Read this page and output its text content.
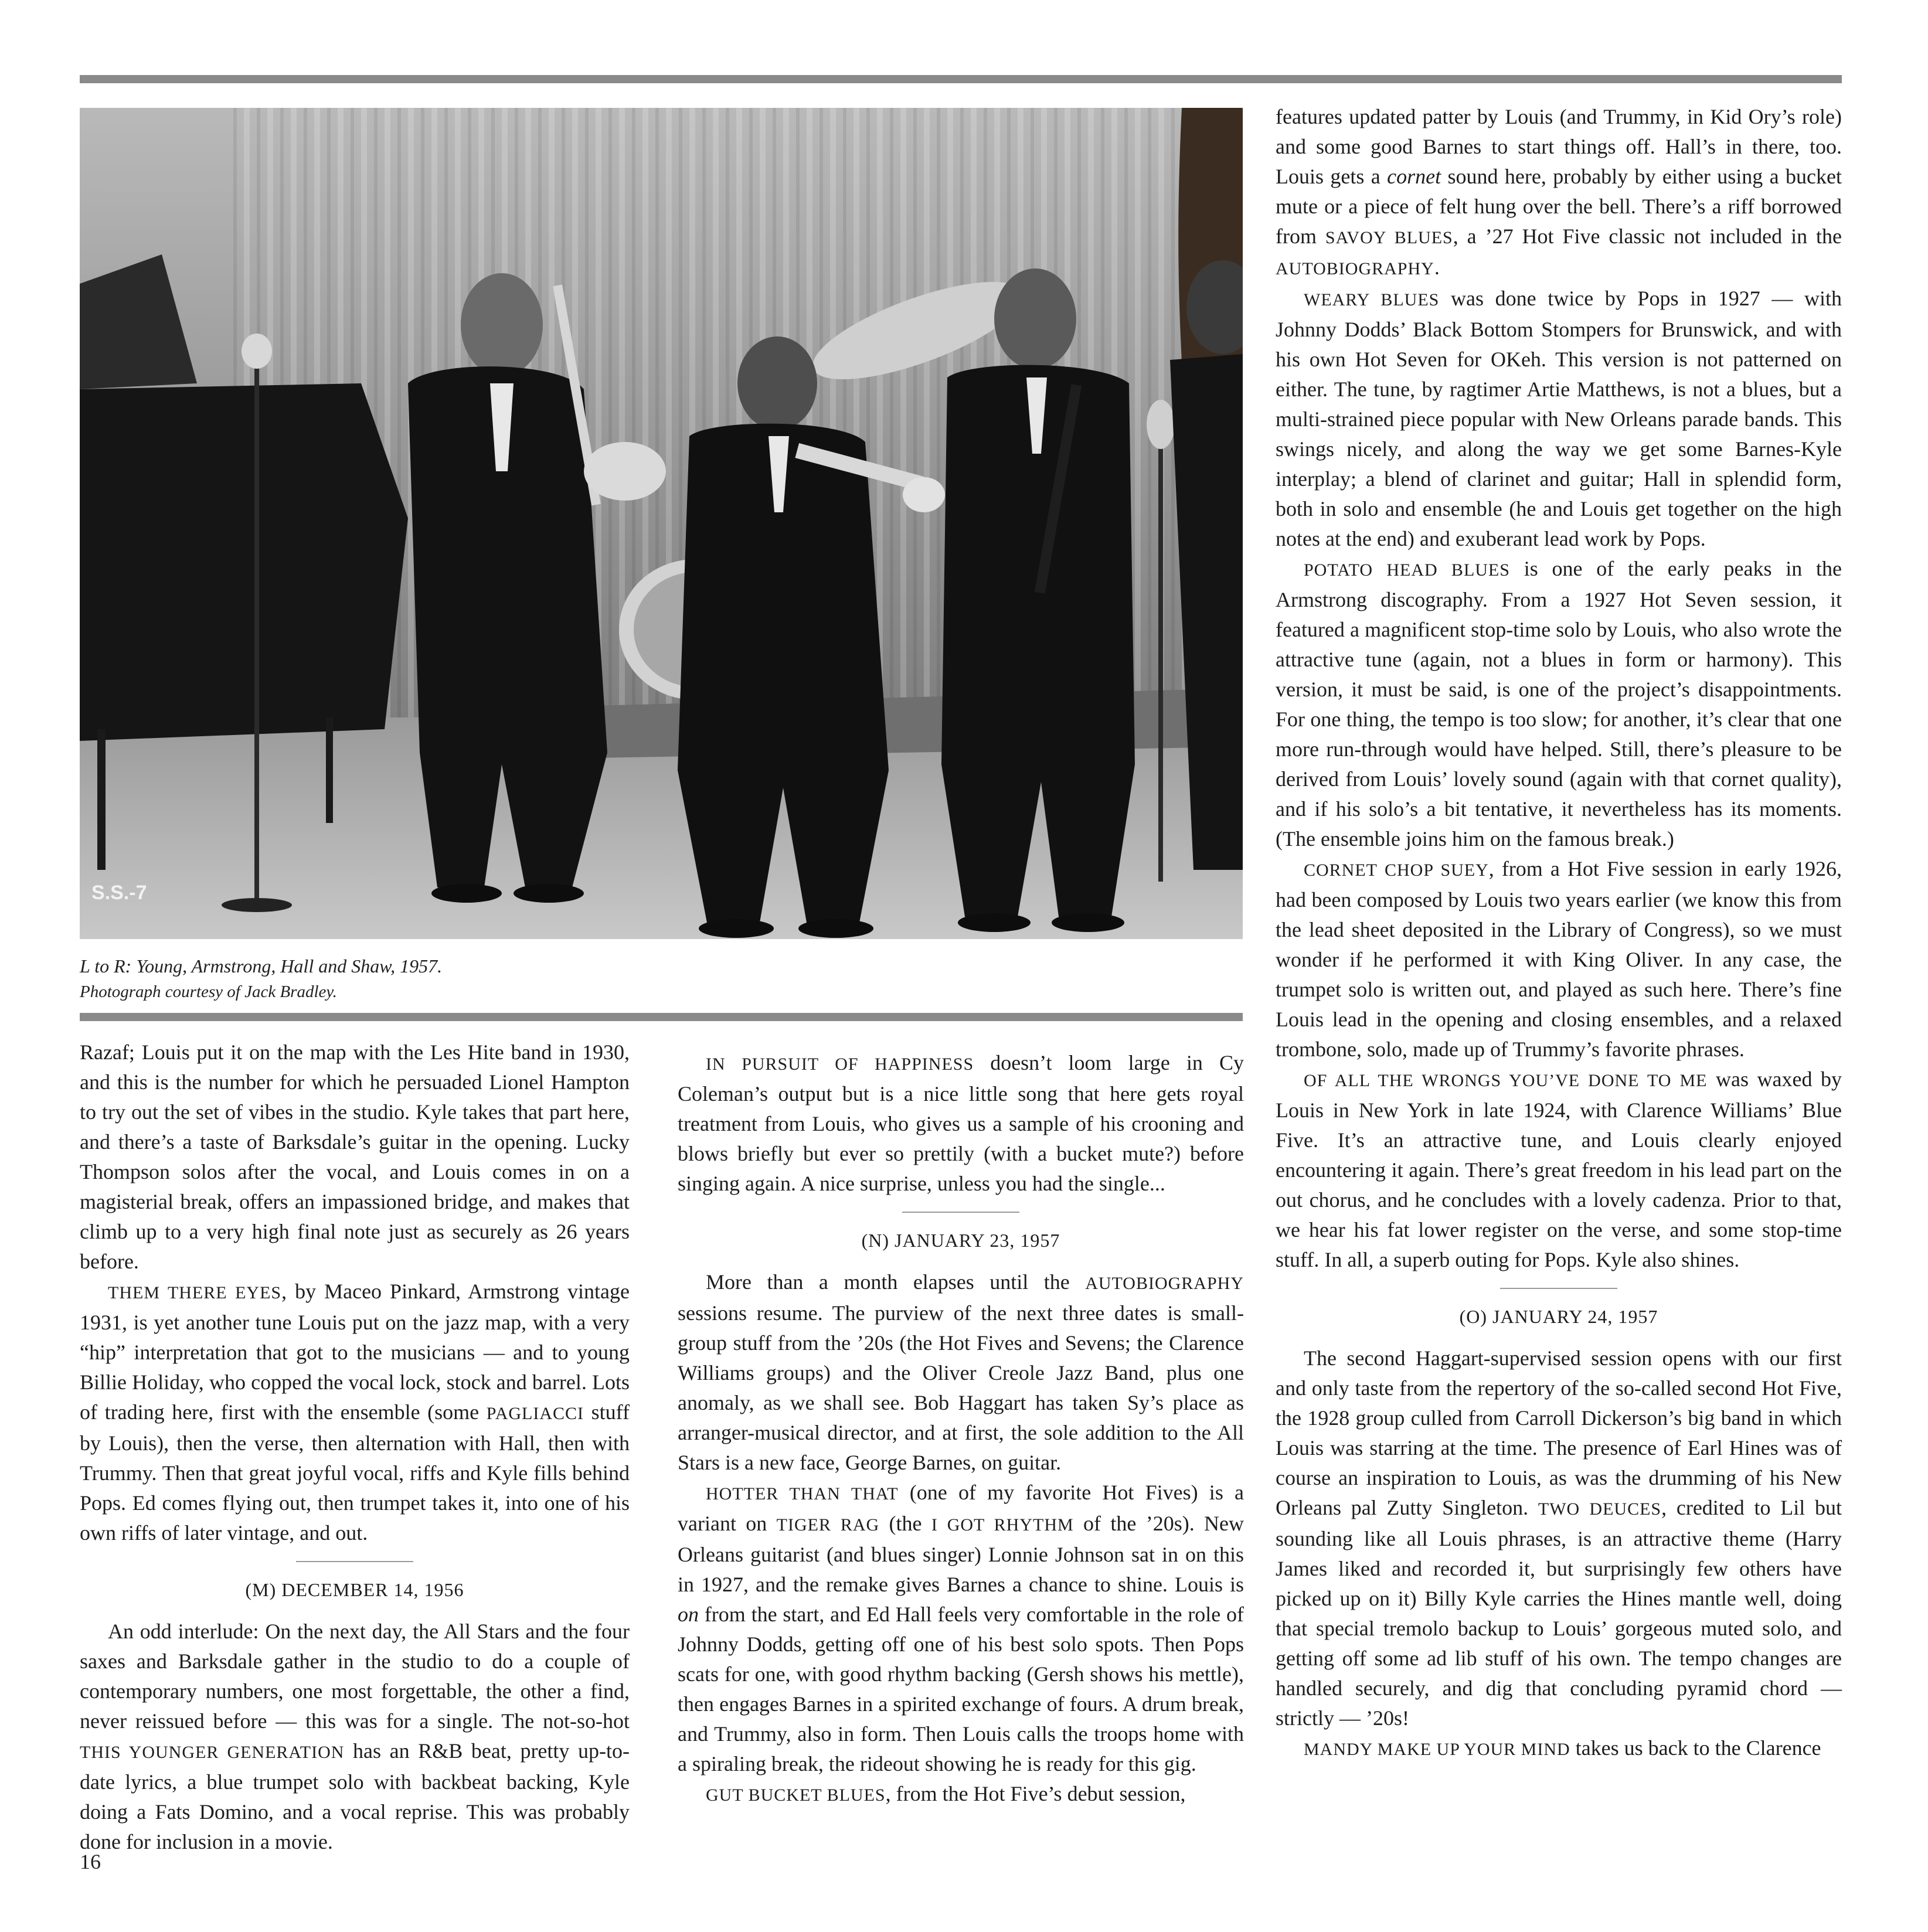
S.S.-7
L to R: Young, Armstrong, Hall and Shaw, 1957.
Photograph courtesy of Jack Bradley.

Razaf; Louis put it on the map with the Les Hite band in 1930, and this is the number for which he persuaded Lionel Hampton to try out the set of vibes in the studio. Kyle takes that part here, and there’s a taste of Barksdale’s guitar in the opening. Lucky Thompson solos after the vocal, and Louis comes in on a magisterial break, offers an impassioned bridge, and makes that climb up to a very high final note just as securely as 26 years before.

THEM THERE EYES, by Maceo Pinkard, Armstrong vintage 1931, is yet another tune Louis put on the jazz map, with a very “hip” interpretation that got to the musicians — and to young Billie Holiday, who copped the vocal lock, stock and barrel. Lots of trading here, first with the ensemble (some PAGLIACCI stuff by Louis), then the verse, then alternation with Hall, then with Trummy. Then that great joyful vocal, riffs and Kyle fills behind Pops. Ed comes flying out, then trumpet takes it, into one of his own riffs of later vintage, and out.

(M) DECEMBER 14, 1956

An odd interlude: On the next day, the All Stars and the four saxes and Barksdale gather in the studio to do a couple of contemporary numbers, one most forgettable, the other a find, never reissued before — this was for a single. The not-so-hot THIS YOUNGER GENERATION has an R&B beat, pretty up-to-date lyrics, a blue trumpet solo with backbeat backing, Kyle doing a Fats Domino, and a vocal reprise. This was probably done for inclusion in a movie.

IN PURSUIT OF HAPPINESS doesn’t loom large in Cy Coleman’s output but is a nice little song that here gets royal treatment from Louis, who gives us a sample of his crooning and blows briefly but ever so prettily (with a bucket mute?) before singing again. A nice surprise, unless you had the single...

(N) JANUARY 23, 1957

More than a month elapses until the AUTOBIOGRAPHY sessions resume. The purview of the next three dates is small-group stuff from the ’20s (the Hot Fives and Sevens; the Clarence Williams groups) and the Oliver Creole Jazz Band, plus one anomaly, as we shall see. Bob Haggart has taken Sy’s place as arranger-musical director, and at first, the sole addition to the All Stars is a new face, George Barnes, on guitar.

HOTTER THAN THAT (one of my favorite Hot Fives) is a variant on TIGER RAG (the I GOT RHYTHM of the ’20s). New Orleans guitarist (and blues singer) Lonnie Johnson sat in on this in 1927, and the remake gives Barnes a chance to shine. Louis is on from the start, and Ed Hall feels very comfortable in the role of Johnny Dodds, getting off one of his best solo spots. Then Pops scats for one, with good rhythm backing (Gersh shows his mettle), then engages Barnes in a spirited exchange of fours. A drum break, and Trummy, also in form. Then Louis calls the troops home with a spiraling break, the rideout showing he is ready for this gig.

GUT BUCKET BLUES, from the Hot Five’s debut session,

features updated patter by Louis (and Trummy, in Kid Ory’s role) and some good Barnes to start things off. Hall’s in there, too. Louis gets a cornet sound here, probably by either using a bucket mute or a piece of felt hung over the bell. There’s a riff borrowed from SAVOY BLUES, a ’27 Hot Five classic not included in the AUTOBIOGRAPHY.

WEARY BLUES was done twice by Pops in 1927 — with Johnny Dodds’ Black Bottom Stompers for Brunswick, and with his own Hot Seven for OKeh. This version is not patterned on either. The tune, by ragtimer Artie Matthews, is not a blues, but a multi-strained piece popular with New Orleans parade bands. This swings nicely, and along the way we get some Barnes-Kyle interplay; a blend of clarinet and guitar; Hall in splendid form, both in solo and ensemble (he and Louis get together on the high notes at the end) and exuberant lead work by Pops.

POTATO HEAD BLUES is one of the early peaks in the Armstrong discography. From a 1927 Hot Seven session, it featured a magnificent stop-time solo by Louis, who also wrote the attractive tune (again, not a blues in form or harmony). This version, it must be said, is one of the project’s disappointments. For one thing, the tempo is too slow; for another, it’s clear that one more run-through would have helped. Still, there’s pleasure to be derived from Louis’ lovely sound (again with that cornet quality), and if his solo’s a bit tentative, it nevertheless has its moments. (The ensemble joins him on the famous break.)

CORNET CHOP SUEY, from a Hot Five session in early 1926, had been composed by Louis two years earlier (we know this from the lead sheet deposited in the Library of Congress), so we must wonder if he performed it with King Oliver. In any case, the trumpet solo is written out, and played as such here. There’s fine Louis lead in the opening and closing ensembles, and a relaxed trombone, solo, made up of Trummy’s favorite phrases.

OF ALL THE WRONGS YOU’VE DONE TO ME was waxed by Louis in New York in late 1924, with Clarence Williams’ Blue Five. It’s an attractive tune, and Louis clearly enjoyed encountering it again. There’s great freedom in his lead part on the out chorus, and he concludes with a lovely cadenza. Prior to that, we hear his fat lower register on the verse, and some stop-time stuff. In all, a superb outing for Pops. Kyle also shines.

(O) JANUARY 24, 1957

The second Haggart-supervised session opens with our first and only taste from the repertory of the so-called second Hot Five, the 1928 group culled from Carroll Dickerson’s big band in which Louis was starring at the time. The presence of Earl Hines was of course an inspiration to Louis, as was the drumming of his New Orleans pal Zutty Singleton. TWO DEUCES, credited to Lil but sounding like all Louis phrases, is an attractive theme (Harry James liked and recorded it, but surprisingly few others have picked up on it) Billy Kyle carries the Hines mantle well, doing that special tremolo backup to Louis’ gorgeous muted solo, and getting off some ad lib stuff of his own. The tempo changes are handled securely, and dig that concluding pyramid chord — strictly — ’20s!

MANDY MAKE UP YOUR MIND takes us back to the Clarence

16
